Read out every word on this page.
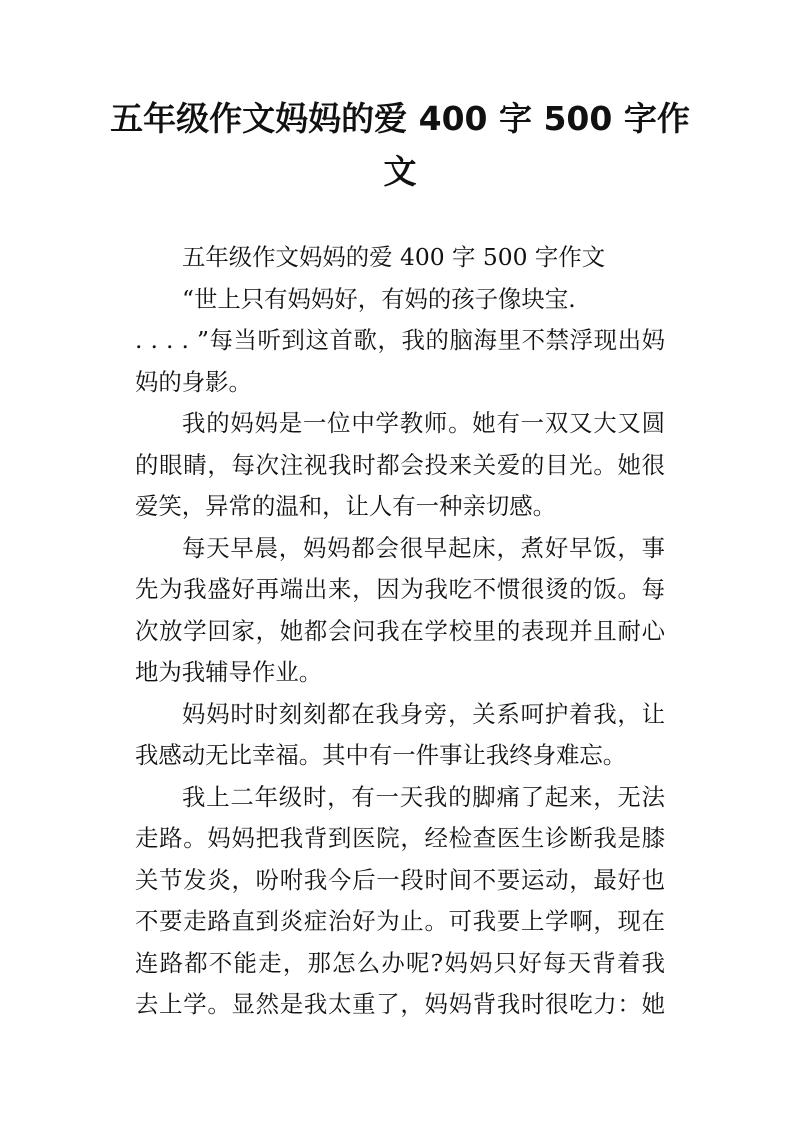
五年级作文妈妈的爱 400 字 500 字作
文
五年级作文妈妈的爱 400 字 500 字作文
“世上只有妈妈好，有妈的孩子像块宝.
. . . . ”每当听到这首歌，我的脑海里不禁浮现出妈
妈的身影。
我的妈妈是一位中学教师。她有一双又大又圆
的眼睛，每次注视我时都会投来关爱的目光。她很
爱笑，异常的温和，让人有一种亲切感。
每天早晨，妈妈都会很早起床，煮好早饭，事
先为我盛好再端出来，因为我吃不惯很烫的饭。每
次放学回家，她都会问我在学校里的表现并且耐心
地为我辅导作业。
妈妈时时刻刻都在我身旁，关系呵护着我，让
我感动无比幸福。其中有一件事让我终身难忘。
我上二年级时，有一天我的脚痛了起来，无法
走路。妈妈把我背到医院，经检查医生诊断我是膝
关节发炎，吩咐我今后一段时间不要运动，最好也
不要走路直到炎症治好为止。可我要上学啊，现在
连路都不能走，那怎么办呢?妈妈只好每天背着我
去上学。显然是我太重了，妈妈背我时很吃力：她
